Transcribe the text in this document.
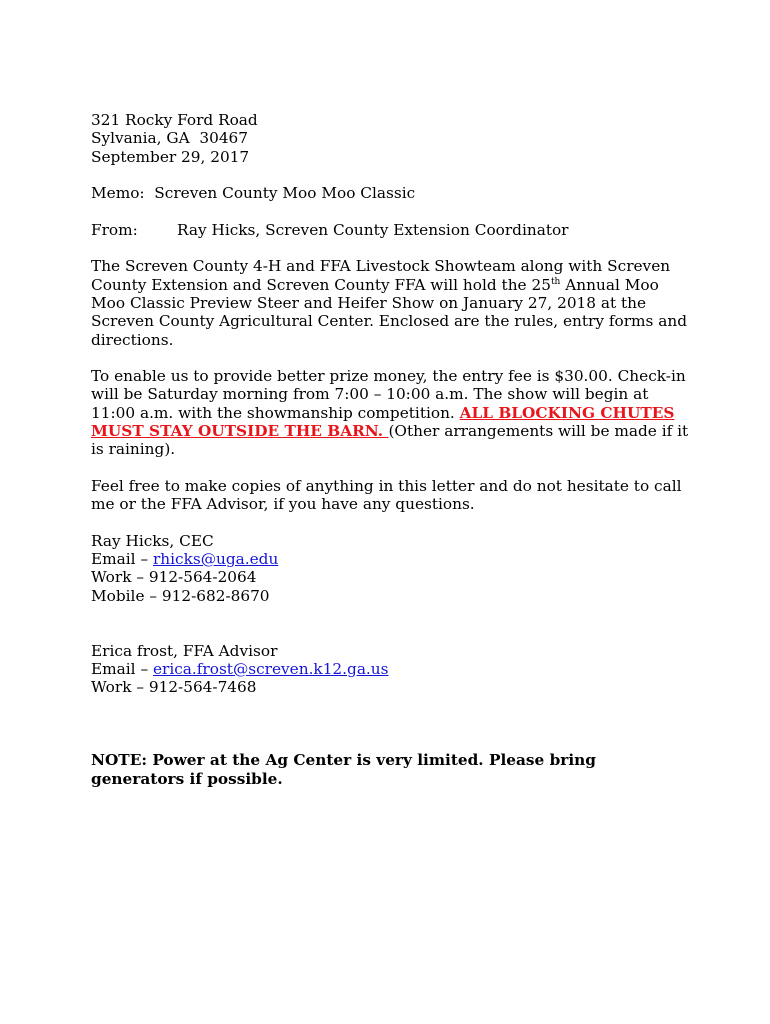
321 Rocky Ford Road
Sylvania, GA  30467
September 29, 2017
Memo:  Screven County Moo Moo Classic
From:	Ray Hicks, Screven County Extension Coordinator
The Screven County 4-H and FFA Livestock Showteam along with Screven County Extension and Screven County FFA will hold the 25th Annual Moo Moo Classic Preview Steer and Heifer Show on January 27, 2018 at the Screven County Agricultural Center. Enclosed are the rules, entry forms and directions.
To enable us to provide better prize money, the entry fee is $30.00. Check-in will be Saturday morning from 7:00 – 10:00 a.m. The show will begin at 11:00 a.m. with the showmanship competition. ALL BLOCKING CHUTES MUST STAY OUTSIDE THE BARN. (Other arrangements will be made if it is raining).
Feel free to make copies of anything in this letter and do not hesitate to call me or the FFA Advisor, if you have any questions.
Ray Hicks, CEC
Email – rhicks@uga.edu
Work – 912-564-2064
Mobile – 912-682-8670
Erica frost, FFA Advisor
Email – erica.frost@screven.k12.ga.us
Work – 912-564-7468
NOTE: Power at the Ag Center is very limited. Please bring generators if possible.
